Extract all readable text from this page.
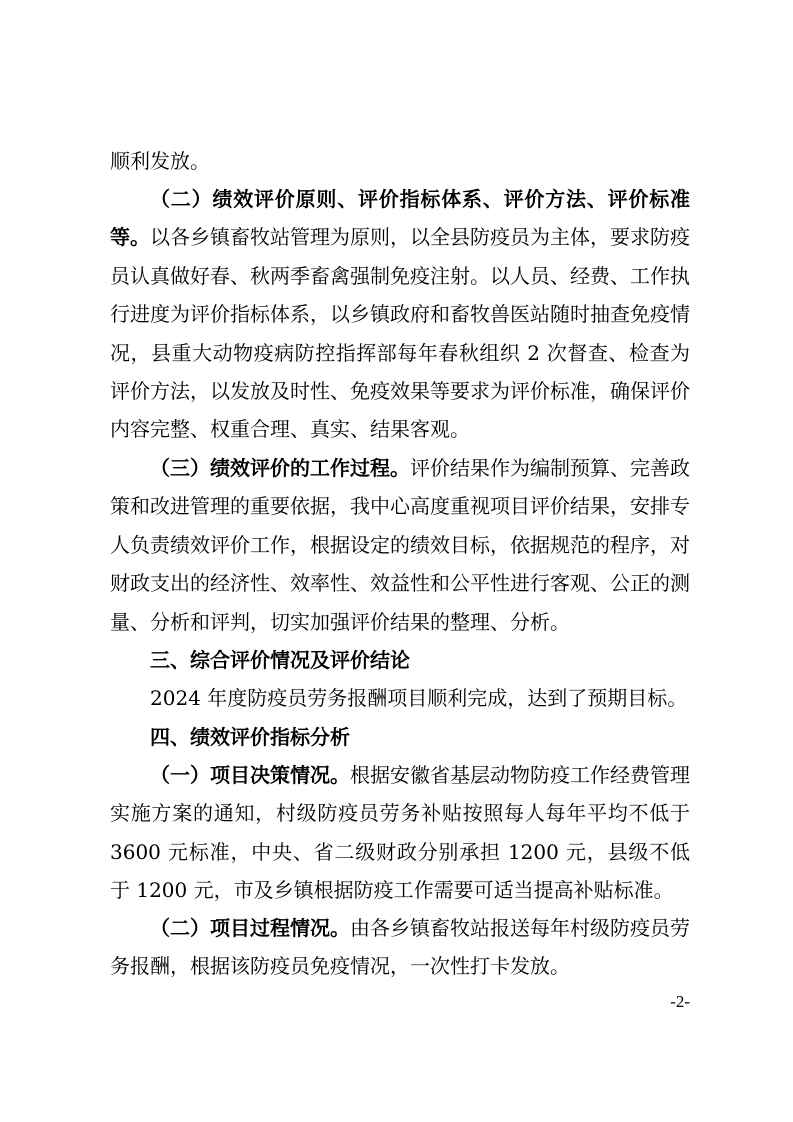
顺利发放。

（二）绩效评价原则、评价指标体系、评价方法、评价标准等。以各乡镇畜牧站管理为原则，以全县防疫员为主体，要求防疫员认真做好春、秋两季畜禽强制免疫注射。以人员、经费、工作执行进度为评价指标体系，以乡镇政府和畜牧兽医站随时抽查免疫情况，县重大动物疫病防控指挥部每年春秋组织 2 次督查、检查为评价方法，以发放及时性、免疫效果等要求为评价标准，确保评价内容完整、权重合理、真实、结果客观。

（三）绩效评价的工作过程。评价结果作为编制预算、完善政策和改进管理的重要依据，我中心高度重视项目评价结果，安排专人负责绩效评价工作，根据设定的绩效目标，依据规范的程序，对财政支出的经济性、效率性、效益性和公平性进行客观、公正的测量、分析和评判，切实加强评价结果的整理、分析。

三、综合评价情况及评价结论

2024 年度防疫员劳务报酬项目顺利完成，达到了预期目标。

四、绩效评价指标分析

（一）项目决策情况。根据安徽省基层动物防疫工作经费管理实施方案的通知，村级防疫员劳务补贴按照每人每年平均不低于 3600 元标准，中央、省二级财政分别承担 1200 元，县级不低于 1200 元，市及乡镇根据防疫工作需要可适当提高补贴标准。

（二）项目过程情况。由各乡镇畜牧站报送每年村级防疫员劳务报酬，根据该防疫员免疫情况，一次性打卡发放。

-2-
